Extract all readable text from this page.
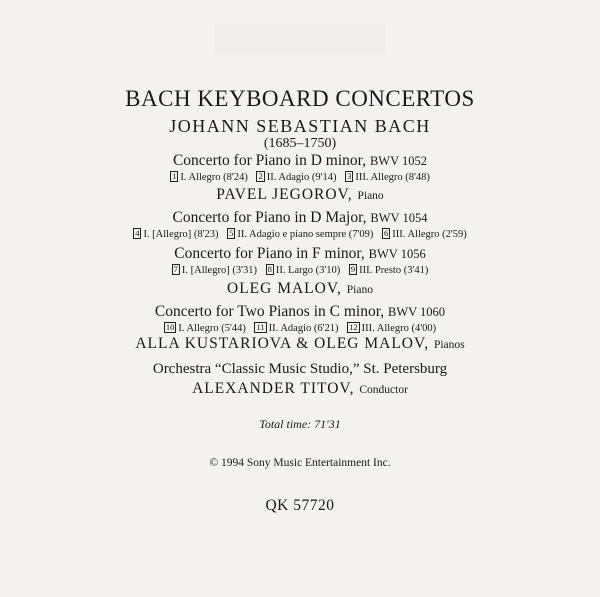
BACH KEYBOARD CONCERTOS
JOHANN SEBASTIAN BACH
(1685–1750)
Concerto for Piano in D minor, BWV 1052
1 I. Allegro (8'24) 2 II. Adagio (9'14) 3 III. Allegro (8'48)
PAVEL JEGOROV, Piano
Concerto for Piano in D Major, BWV 1054
4 I. [Allegro] (8'23) 5 II. Adagio e piano sempre (7'09) 6 III. Allegro (2'59)
Concerto for Piano in F minor, BWV 1056
7 I. [Allegro] (3'31) 8 II. Largo (3'10) 9 III. Presto (3'41)
OLEG MALOV, Piano
Concerto for Two Pianos in C minor, BWV 1060
10 I. Allegro (5'44) 11 II. Adagio (6'21) 12 III. Allegro (4'00)
ALLA KUSTARIOVA & OLEG MALOV, Pianos
Orchestra “Classic Music Studio,” St. Petersburg
ALEXANDER TITOV, Conductor
Total time: 71'31
© 1994 Sony Music Entertainment Inc.
QK 57720
